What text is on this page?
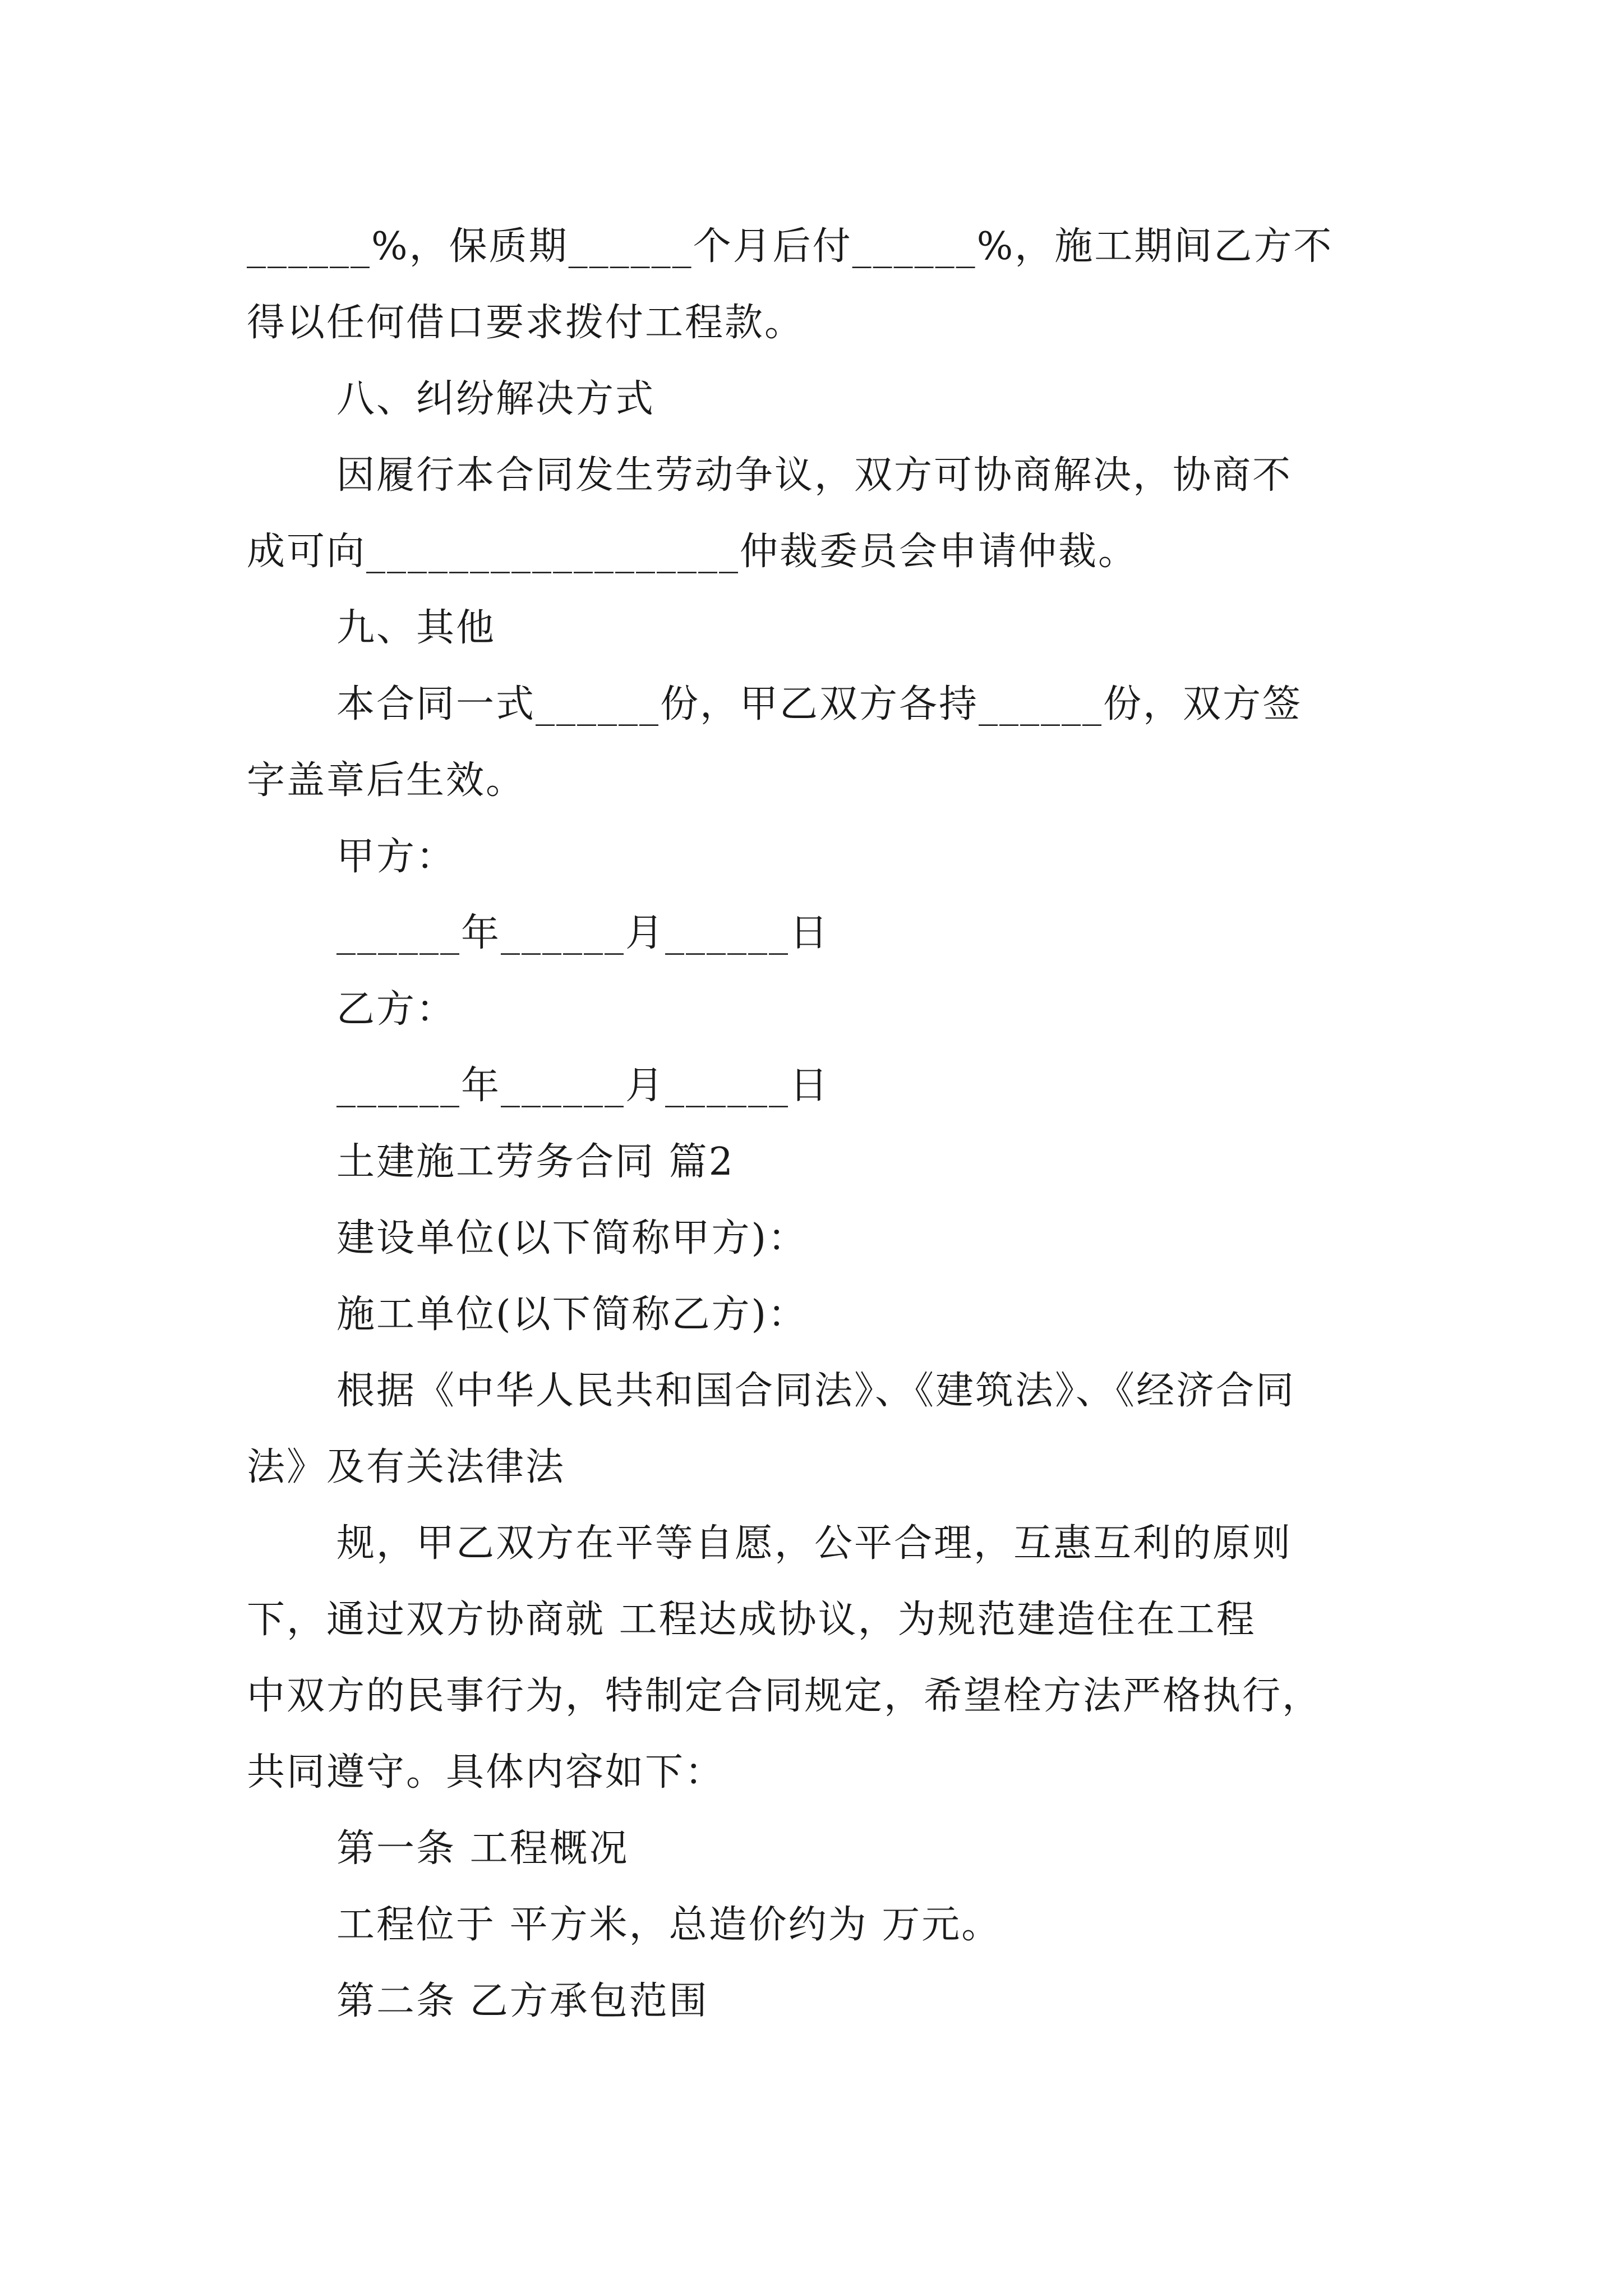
______%，保质期______个月后付______%，施工期间乙方不
得以任何借口要求拨付工程款。
八、纠纷解决方式
因履行本合同发生劳动争议，双方可协商解决，协商不
成可向__________________仲裁委员会申请仲裁。
九、其他
本合同一式______份，甲乙双方各持______份，双方签
字盖章后生效。
甲方：
______年______月______日
乙方：
______年______月______日
土建施工劳务合同 篇2
建设单位(以下简称甲方)：
施工单位(以下简称乙方)：
根据《中华人民共和国合同法》、《建筑法》、《经济合同
法》及有关法律法
规，甲乙双方在平等自愿，公平合理，互惠互利的原则
下，通过双方协商就 工程达成协议，为规范建造住在工程
中双方的民事行为，特制定合同规定，希望栓方法严格执行，
共同遵守。具体内容如下：
第一条 工程概况
工程位于 平方米，总造价约为 万元。
第二条 乙方承包范围
